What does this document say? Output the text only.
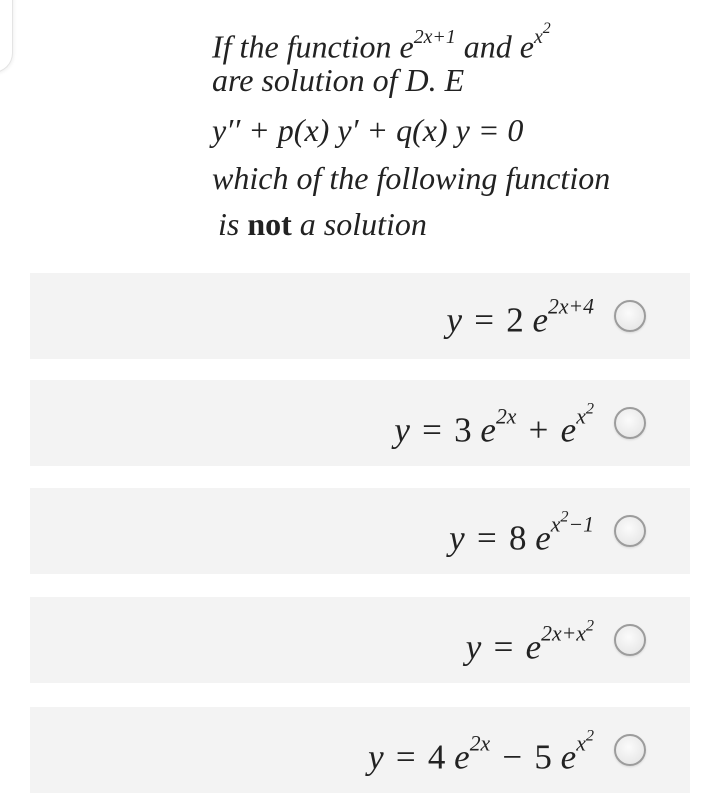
If the function $e^{2x+1}$ and $e^{x^2}$
are solution of D. E
y′′ + p(x) y′ + q(x) y = 0
which of the following function
is not a solution
y = 2 $e^{2x+4}$
y = 3 $e^{2x} + e^{x^2}$
y = 8 $e^{x^2-1}$
$y = e^{2x+x^2}$
y = 4 $e^{2x} - 5$ $e^{x^2}$
